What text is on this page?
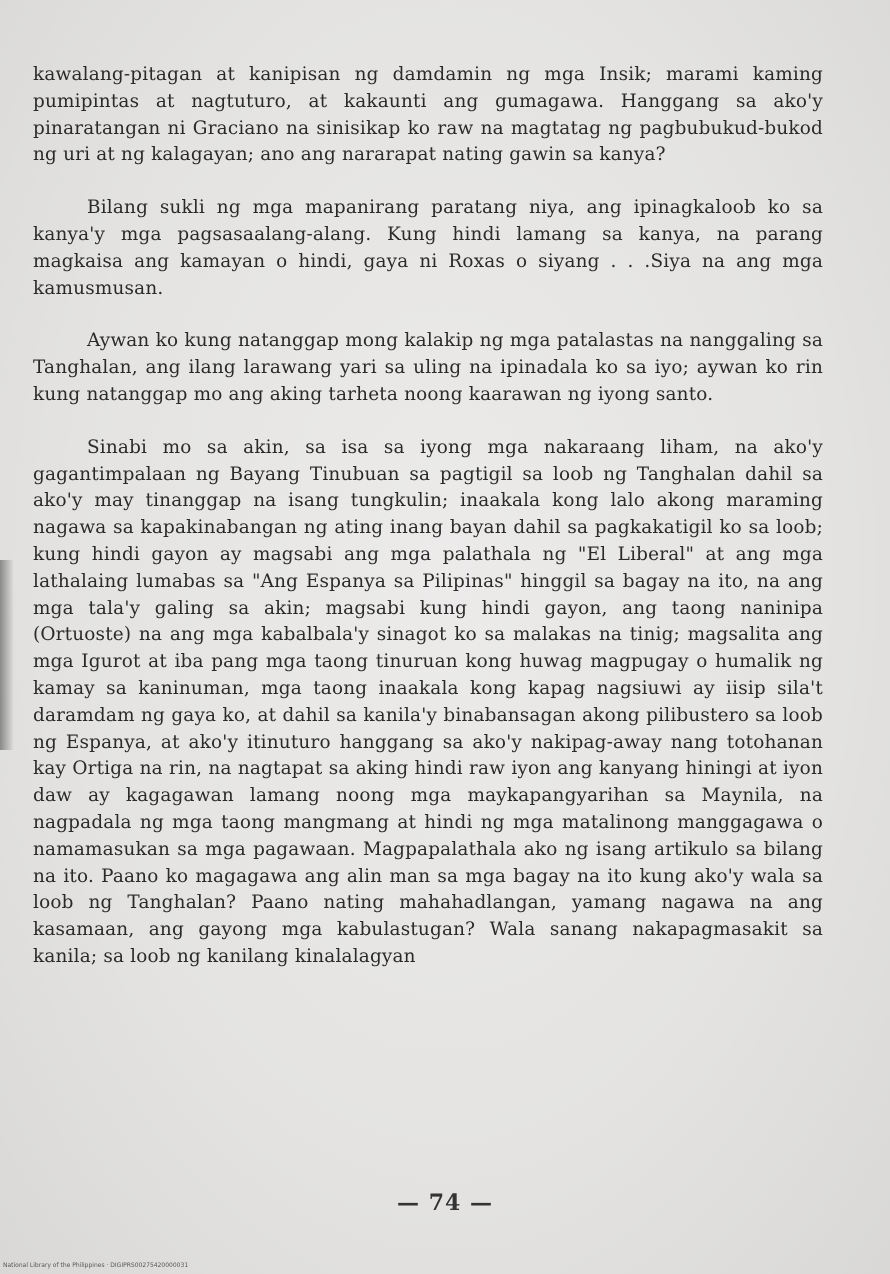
kawalang-pitagan at kanipisan ng damdamin ng mga Insik; marami kaming pumipintas at nagtuturo, at kakaunti ang gumagawa. Hanggang sa ako'y pinaratangan ni Graciano na sinisikap ko raw na magtatag ng pagbubukud-bukod ng uri at ng kalagayan; ano ang nararapat nating gawin sa kanya?

Bilang sukli ng mga mapanirang paratang niya, ang ipinagkaloob ko sa kanya'y mga pagsasaalang-alang. Kung hindi lamang sa kanya, na parang magkaisa ang kamayan o hindi, gaya ni Roxas o siyang . . .Siya na ang mga kamusmusan.

Aywan ko kung natanggap mong kalakip ng mga patalastas na nanggaling sa Tanghalan, ang ilang larawang yari sa uling na ipinadala ko sa iyo; aywan ko rin kung natanggap mo ang aking tarheta noong kaarawan ng iyong santo.

Sinabi mo sa akin, sa isa sa iyong mga nakaraang liham, na ako'y gagantimpalaan ng Bayang Tinubuan sa pagtigil sa loob ng Tanghalan dahil sa ako'y may tinanggap na isang tungkulin; inaakala kong lalo akong maraming nagawa sa kapakinabangan ng ating inang bayan dahil sa pagkakatigil ko sa loob; kung hindi gayon ay magsabi ang mga palathala ng "El Liberal" at ang mga lathalaing lumabas sa "Ang Espanya sa Pilipinas" hinggil sa bagay na ito, na ang mga tala'y galing sa akin; magsabi kung hindi gayon, ang taong naninipa (Ortuoste) na ang mga kabalbala'y sinagot ko sa malakas na tinig; magsalita ang mga Igurot at iba pang mga taong tinuruan kong huwag magpugay o humalik ng kamay sa kaninuman, mga taong inaakala kong kapag nagsiuwi ay iisip sila't daramdam ng gaya ko, at dahil sa kanila'y binabansagan akong pilibustero sa loob ng Espanya, at ako'y itinuturo hanggang sa ako'y nakipag-away nang totohanan kay Ortiga na rin, na nagtapat sa aking hindi raw iyon ang kanyang hiningi at iyon daw ay kagagawan lamang noong mga maykapangyarihan sa Maynila, na nagpadala ng mga taong mangmang at hindi ng mga matalinong manggagawa o namamasukan sa mga pagawaan. Magpapalathala ako ng isang artikulo sa bilang na ito. Paano ko magagawa ang alin man sa mga bagay na ito kung ako'y wala sa loob ng Tanghalan? Paano nating mahahadlangan, yamang nagawa na ang kasamaan, ang gayong mga kabulastugan? Wala sanang nakapagmasakit sa kanila; sa loob ng kanilang kinalalagyan

— 74 —
National Library of the Philippines · DIGIPRS00275420000031
